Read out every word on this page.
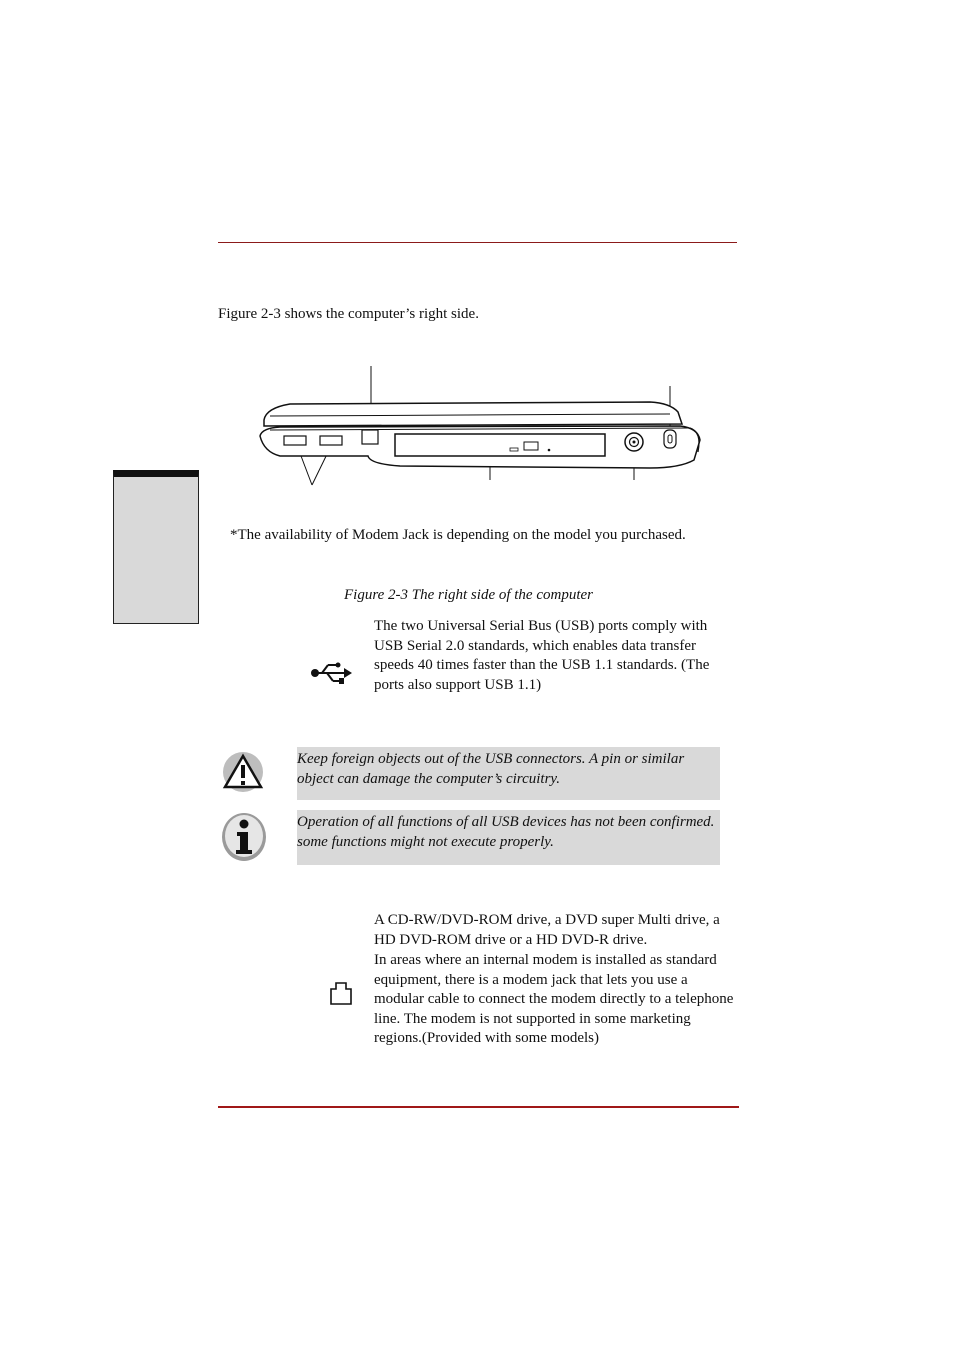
Figure 2-3 shows the computer’s right side.
*The availability of Modem Jack is depending on the model you purchased.
Figure 2-3 The right side of the computer
The two Universal Serial Bus (USB) ports comply with USB Serial 2.0 standards, which enables data transfer speeds 40 times faster than the USB 1.1 standards. (The ports also support USB 1.1)
Keep foreign objects out of the USB connectors. A pin or similar object can damage the computer’s circuitry.
Operation of all functions of all USB devices has not been confirmed. some functions might not execute properly.
A CD-RW/DVD-ROM drive, a DVD super Multi drive, a HD DVD-ROM drive or a HD DVD-R drive.
In areas where an internal modem is installed as standard equipment, there is a modem jack that lets you use a modular cable to connect the modem directly to a telephone line. The modem is not supported in some marketing regions.(Provided with some models)
